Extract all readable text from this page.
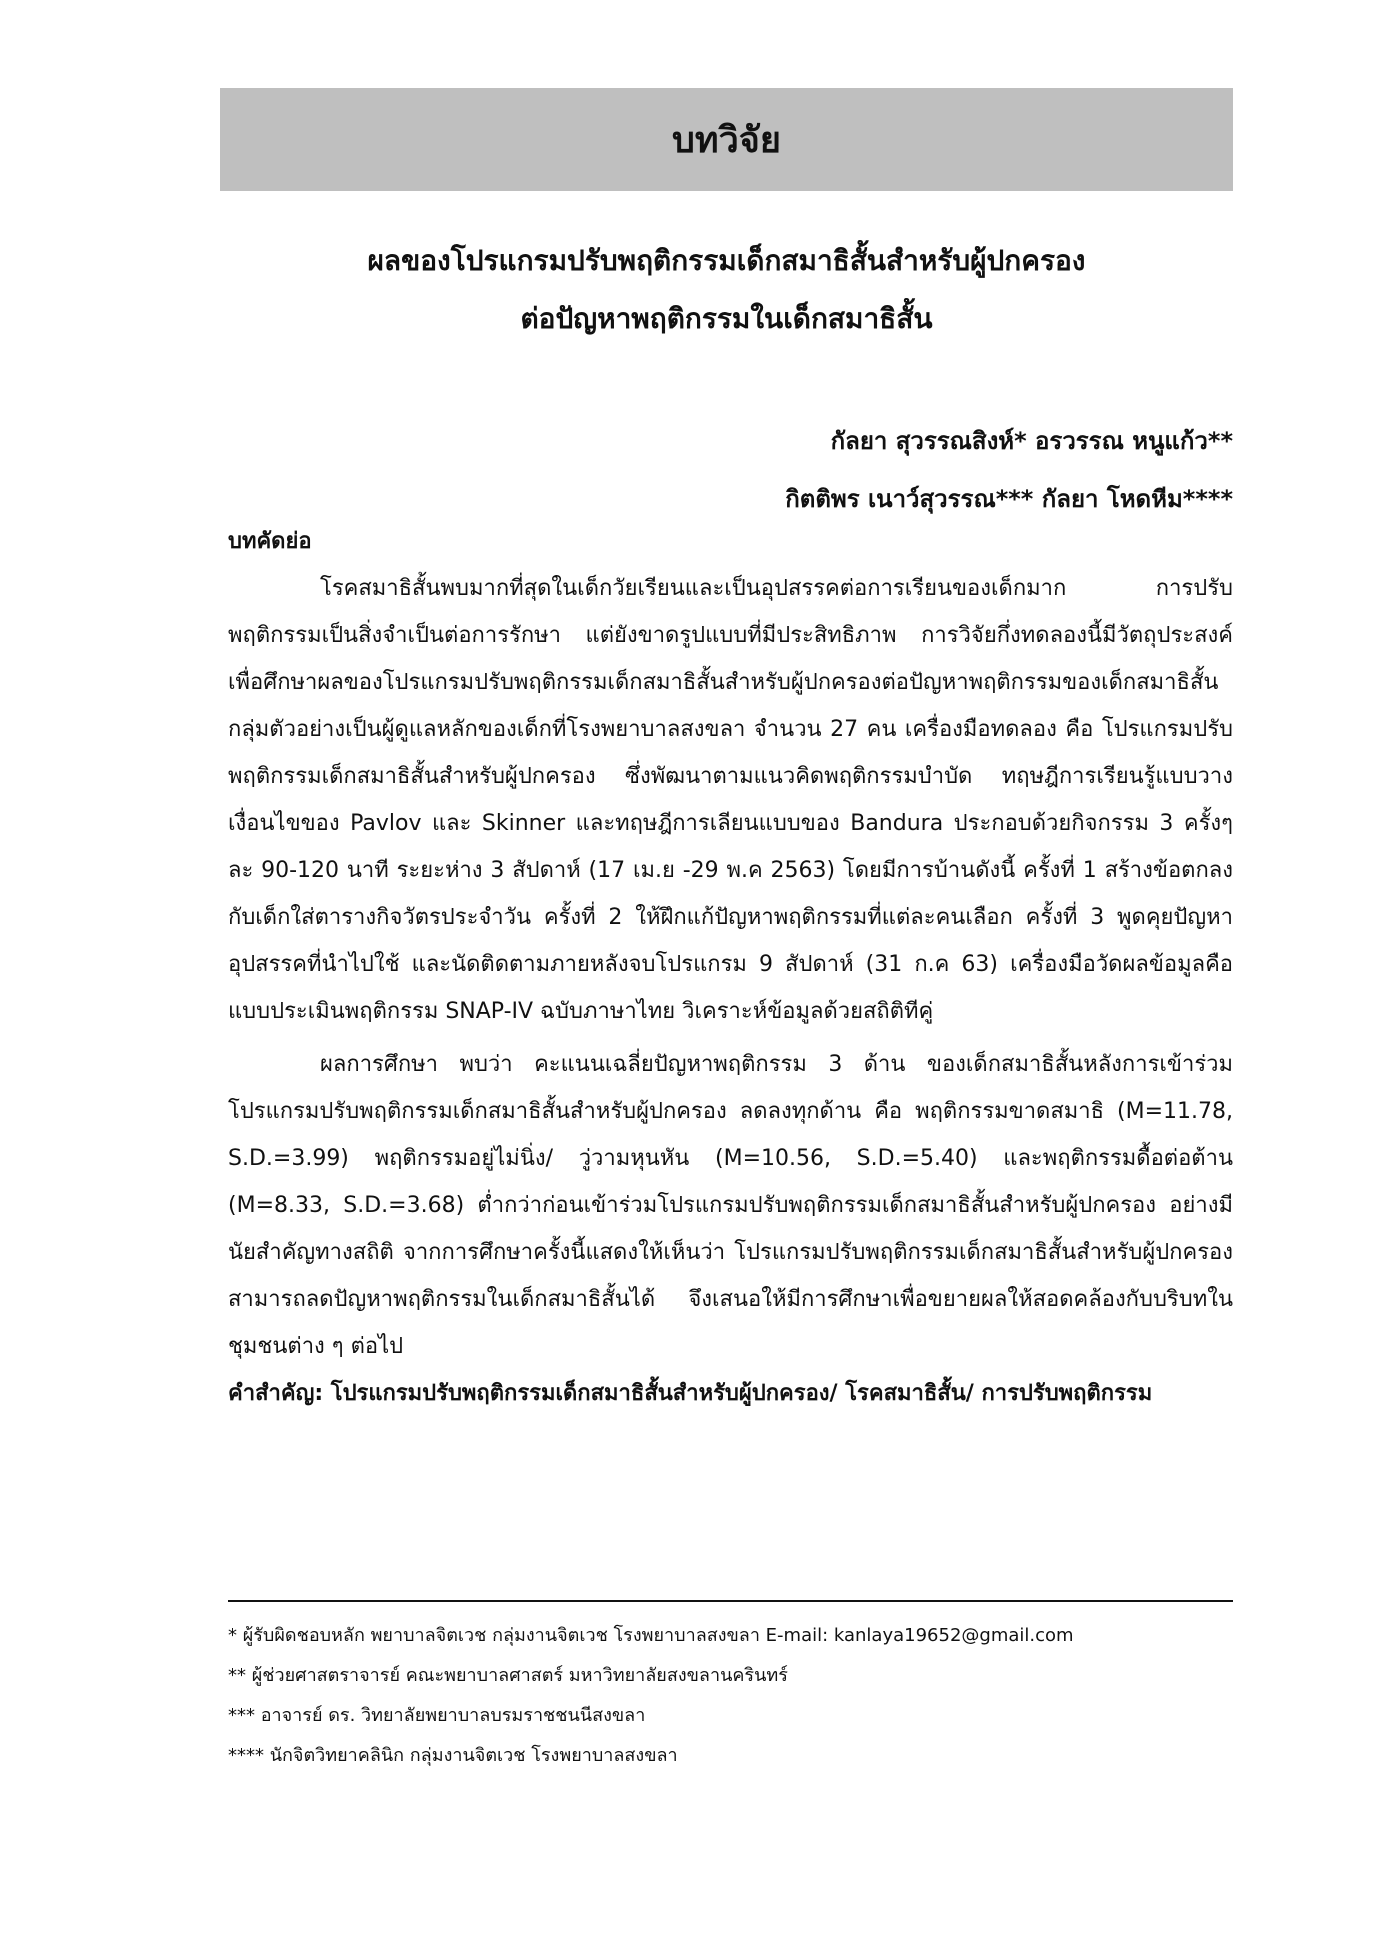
บทวิจัย
ผลของโปรแกรมปรับพฤติกรรมเด็กสมาธิสั้นสำหรับผู้ปกครอง
ต่อปัญหาพฤติกรรมในเด็กสมาธิสั้น
กัลยา สุวรรณสิงห์* อรวรรณ หนูแก้ว**
กิตติพร เนาว์สุวรรณ*** กัลยา โหดหีม****

บทคัดย่อ

โรคสมาธิสั้นพบมากที่สุดในเด็กวัยเรียนและเป็นอุปสรรคต่อการเรียนของเด็กมาก การปรับพฤติกรรมเป็นสิ่งจำเป็นต่อการรักษา แต่ยังขาดรูปแบบที่มีประสิทธิภาพ การวิจัยกึ่งทดลองนี้มีวัตถุประสงค์ เพื่อศึกษาผลของโปรแกรมปรับพฤติกรรมเด็กสมาธิสั้นสำหรับผู้ปกครองต่อปัญหาพฤติกรรมของเด็กสมาธิสั้น กลุ่มตัวอย่างเป็นผู้ดูแลหลักของเด็กที่โรงพยาบาลสงขลา จำนวน 27 คน เครื่องมือทดลอง คือ โปรแกรมปรับพฤติกรรมเด็กสมาธิสั้นสำหรับผู้ปกครอง ซึ่งพัฒนาตามแนวคิดพฤติกรรมบำบัด ทฤษฎีการเรียนรู้แบบวางเงื่อนไขของ Pavlov และ Skinner และทฤษฎีการเลียนแบบของ Bandura ประกอบด้วยกิจกรรม 3 ครั้งๆ ละ 90-120 นาที ระยะห่าง 3 สัปดาห์ (17 เม.ย -29 พ.ค 2563) โดยมีการบ้านดังนี้ ครั้งที่ 1 สร้างข้อตกลงกับเด็กใส่ตารางกิจวัตรประจำวัน ครั้งที่ 2 ให้ฝึกแก้ปัญหาพฤติกรรมที่แต่ละคนเลือก ครั้งที่ 3 พูดคุยปัญหาอุปสรรคที่นำไปใช้ และนัดติดตามภายหลังจบโปรแกรม 9 สัปดาห์ (31 ก.ค 63) เครื่องมือวัดผลข้อมูลคือ แบบประเมินพฤติกรรม SNAP-IV ฉบับภาษาไทย วิเคราะห์ข้อมูลด้วยสถิติทีคู่

ผลการศึกษา พบว่า คะแนนเฉลี่ยปัญหาพฤติกรรม 3 ด้าน ของเด็กสมาธิสั้นหลังการเข้าร่วมโปรแกรมปรับพฤติกรรมเด็กสมาธิสั้นสำหรับผู้ปกครอง ลดลงทุกด้าน คือ พฤติกรรมขาดสมาธิ (M=11.78, S.D.=3.99) พฤติกรรมอยู่ไม่นิ่ง/ วู่วามหุนหัน (M=10.56, S.D.=5.40) และพฤติกรรมดื้อต่อต้าน (M=8.33, S.D.=3.68) ต่ำกว่าก่อนเข้าร่วมโปรแกรมปรับพฤติกรรมเด็กสมาธิสั้นสำหรับผู้ปกครอง อย่างมีนัยสำคัญทางสถิติ จากการศึกษาครั้งนี้แสดงให้เห็นว่า โปรแกรมปรับพฤติกรรมเด็กสมาธิสั้นสำหรับผู้ปกครอง สามารถลดปัญหาพฤติกรรมในเด็กสมาธิสั้นได้ จึงเสนอให้มีการศึกษาเพื่อขยายผลให้สอดคล้องกับบริบทในชุมชนต่าง ๆ ต่อไป

คำสำคัญ: โปรแกรมปรับพฤติกรรมเด็กสมาธิสั้นสำหรับผู้ปกครอง/ โรคสมาธิสั้น/ การปรับพฤติกรรม

* ผู้รับผิดชอบหลัก พยาบาลจิตเวช กลุ่มงานจิตเวช โรงพยาบาลสงขลา E-mail: kanlaya19652@gmail.com

** ผู้ช่วยศาสตราจารย์ คณะพยาบาลศาสตร์ มหาวิทยาลัยสงขลานครินทร์

*** อาจารย์ ดร. วิทยาลัยพยาบาลบรมราชชนนีสงขลา

**** นักจิตวิทยาคลินิก กลุ่มงานจิตเวช โรงพยาบาลสงขลา
